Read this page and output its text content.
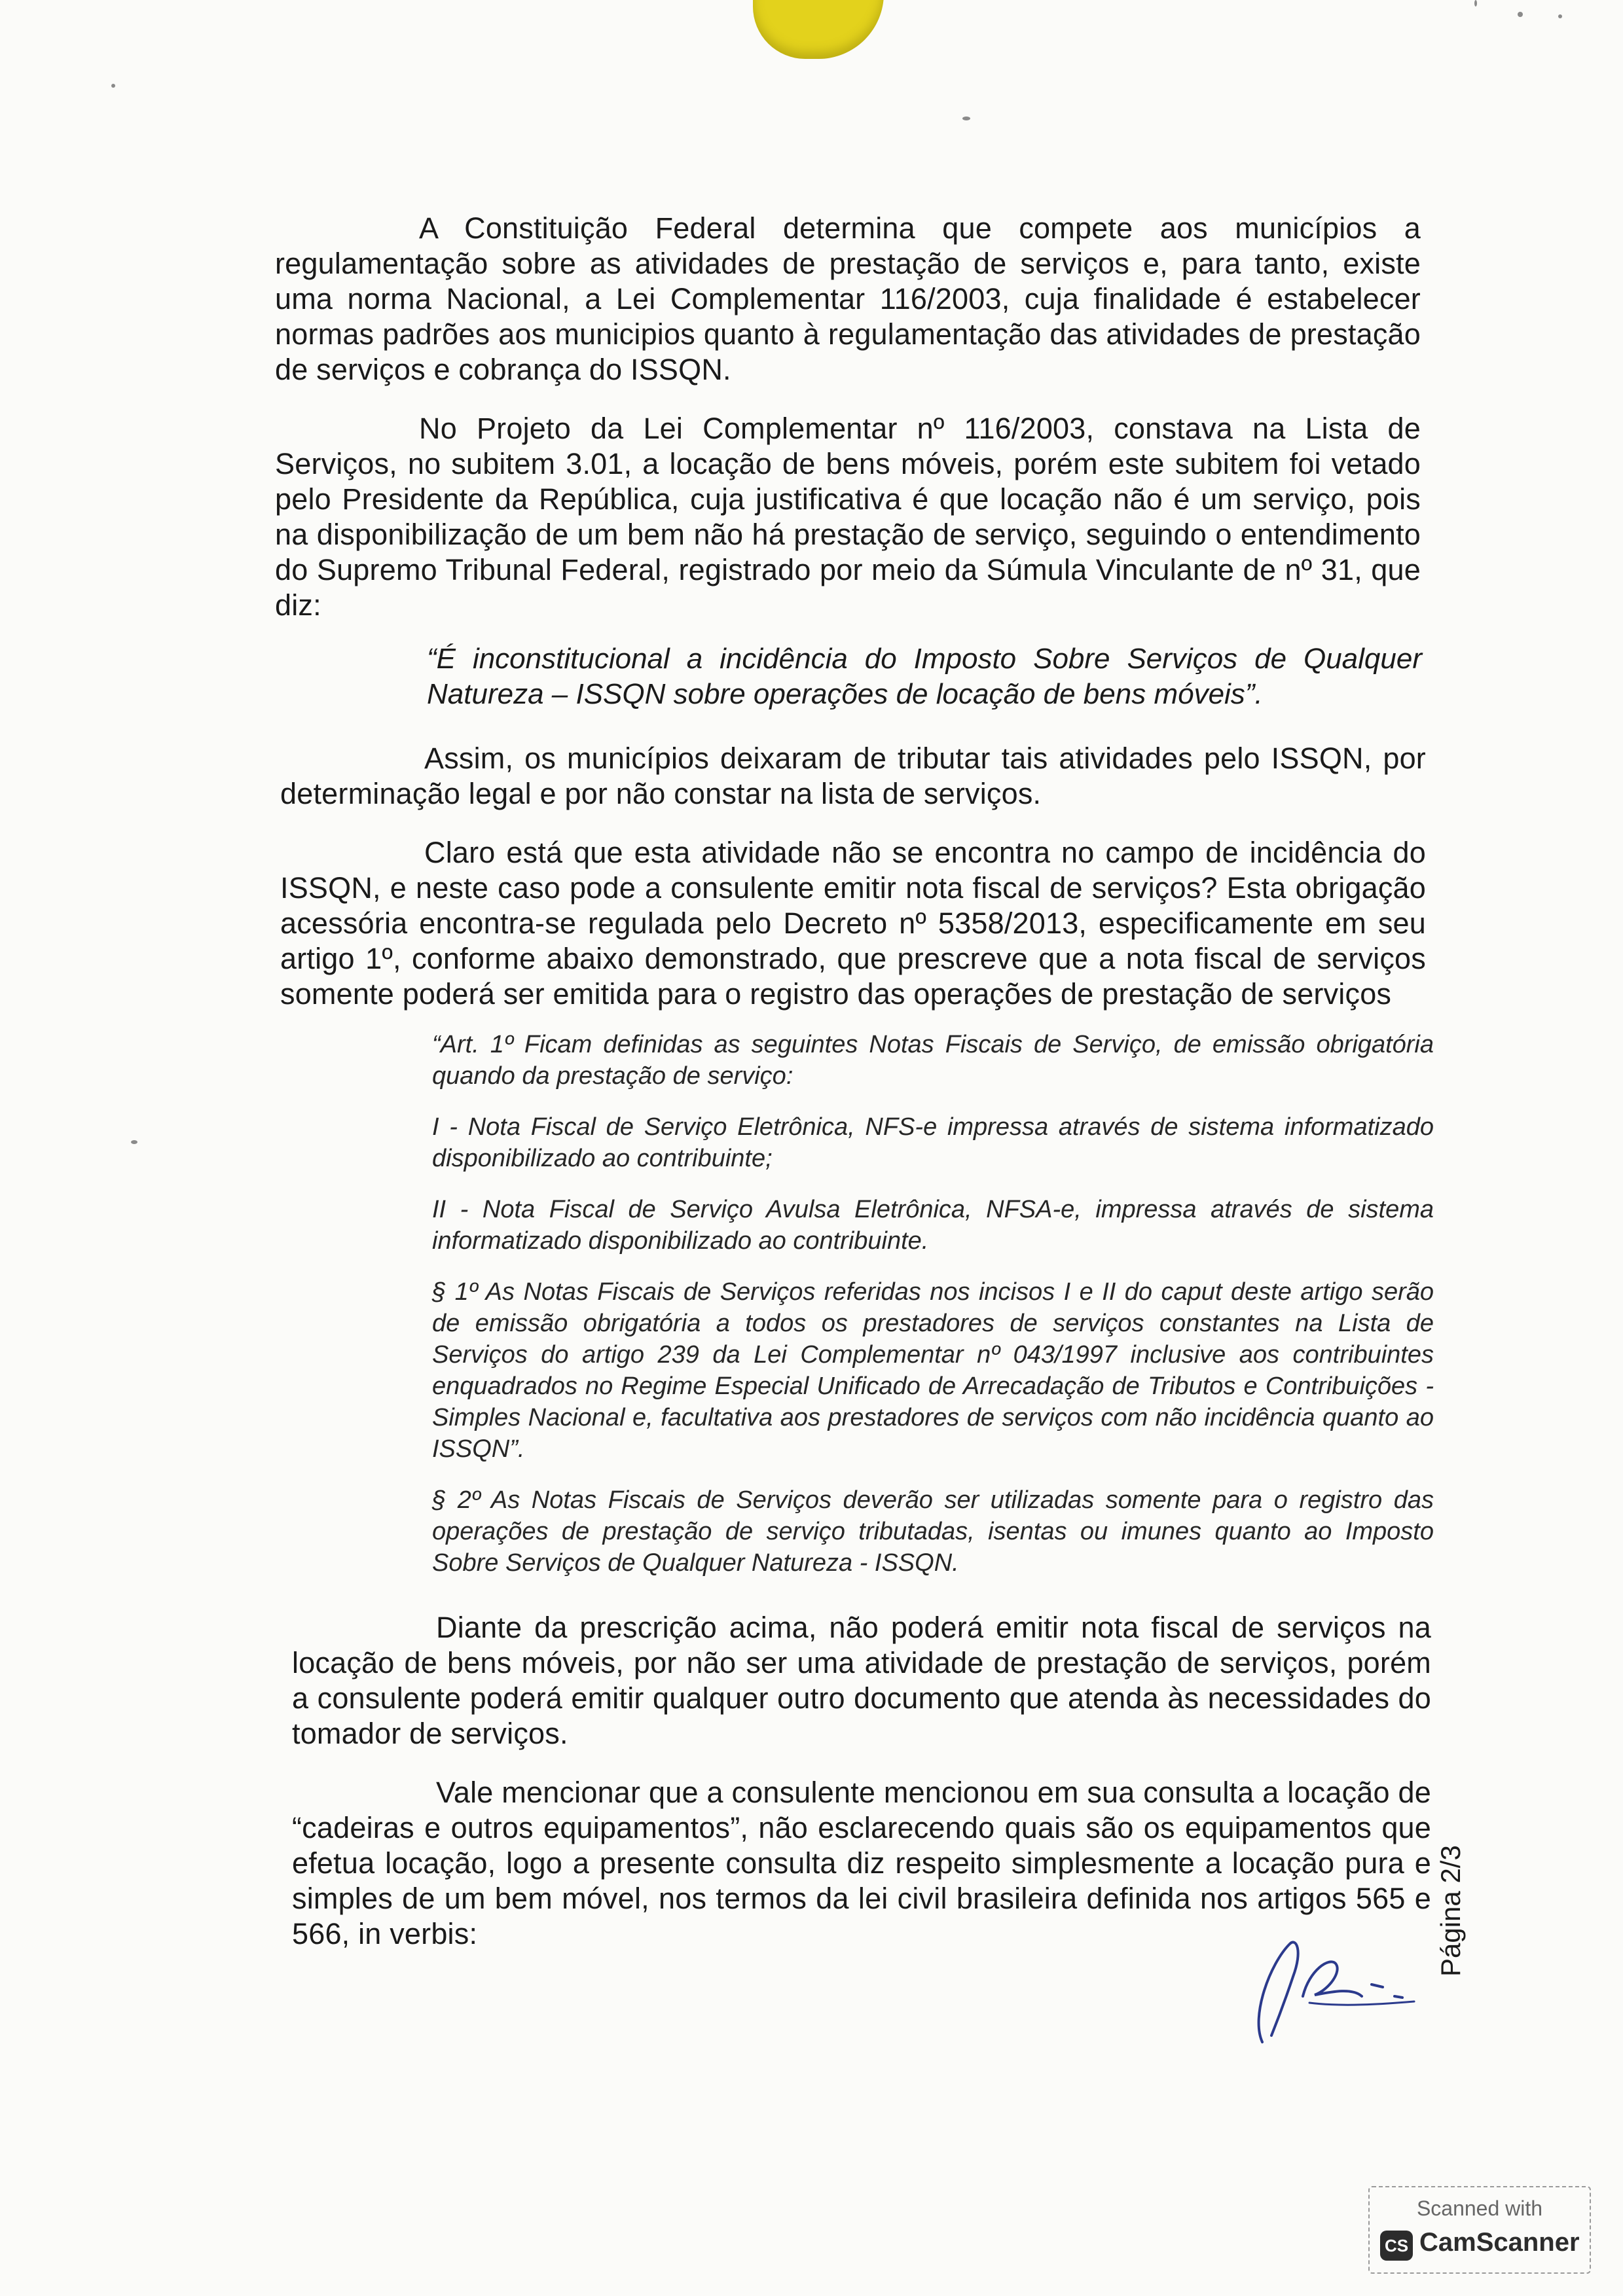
A Constituição Federal determina que compete aos municípios a regulamentação sobre as atividades de prestação de serviços e, para tanto, existe uma norma Nacional, a Lei Complementar 116/2003, cuja finalidade é estabelecer normas padrões aos municipios quanto à regulamentação das atividades de prestação de serviços e cobrança do ISSQN.

No Projeto da Lei Complementar nº 116/2003, constava na Lista de Serviços, no subitem 3.01, a locação de bens móveis, porém este subitem foi vetado pelo Presidente da República, cuja justificativa é que locação não é um serviço, pois na disponibilização de um bem não há prestação de serviço, seguindo o entendimento do Supremo Tribunal Federal, registrado por meio da Súmula Vinculante de nº 31, que diz:

“É inconstitucional a incidência do Imposto Sobre Serviços de Qualquer Natureza – ISSQN sobre operações de locação de bens móveis”.

Assim, os municípios deixaram de tributar tais atividades pelo ISSQN, por determinação legal e por não constar na lista de serviços.

Claro está que esta atividade não se encontra no campo de incidência do ISSQN, e neste caso pode a consulente emitir nota fiscal de serviços? Esta obrigação acessória encontra-se regulada pelo Decreto nº 5358/2013, especificamente em seu artigo 1º, conforme abaixo demonstrado, que prescreve que a nota fiscal de serviços somente poderá ser emitida para o registro das operações de prestação de serviços

“Art. 1º Ficam definidas as seguintes Notas Fiscais de Serviço, de emissão obrigatória quando da prestação de serviço:

I - Nota Fiscal de Serviço Eletrônica, NFS-e impressa através de sistema informatizado disponibilizado ao contribuinte;

II - Nota Fiscal de Serviço Avulsa Eletrônica, NFSA-e, impressa através de sistema informatizado disponibilizado ao contribuinte.

§ 1º As Notas Fiscais de Serviços referidas nos incisos I e II do caput deste artigo serão de emissão obrigatória a todos os prestadores de serviços constantes na Lista de Serviços do artigo 239 da Lei Complementar nº 043/1997 inclusive aos contribuintes enquadrados no Regime Especial Unificado de Arrecadação de Tributos e Contribuições - Simples Nacional e, facultativa aos prestadores de serviços com não incidência quanto ao ISSQN”.

§ 2º As Notas Fiscais de Serviços deverão ser utilizadas somente para o registro das operações de prestação de serviço tributadas, isentas ou imunes quanto ao Imposto Sobre Serviços de Qualquer Natureza - ISSQN.

Diante da prescrição acima, não poderá emitir nota fiscal de serviços na locação de bens móveis, por não ser uma atividade de prestação de serviços, porém a consulente poderá emitir qualquer outro documento que atenda às necessidades do tomador de serviços.

Vale mencionar que a consulente mencionou em sua consulta a locação de “cadeiras e outros equipamentos”, não esclarecendo quais são os equipamentos que efetua locação, logo a presente consulta diz respeito simplesmente a locação pura e simples de um bem móvel, nos termos da lei civil brasileira definida nos artigos 565 e 566, in verbis:	Página 2/3
Scanned with
CS CamScanner
